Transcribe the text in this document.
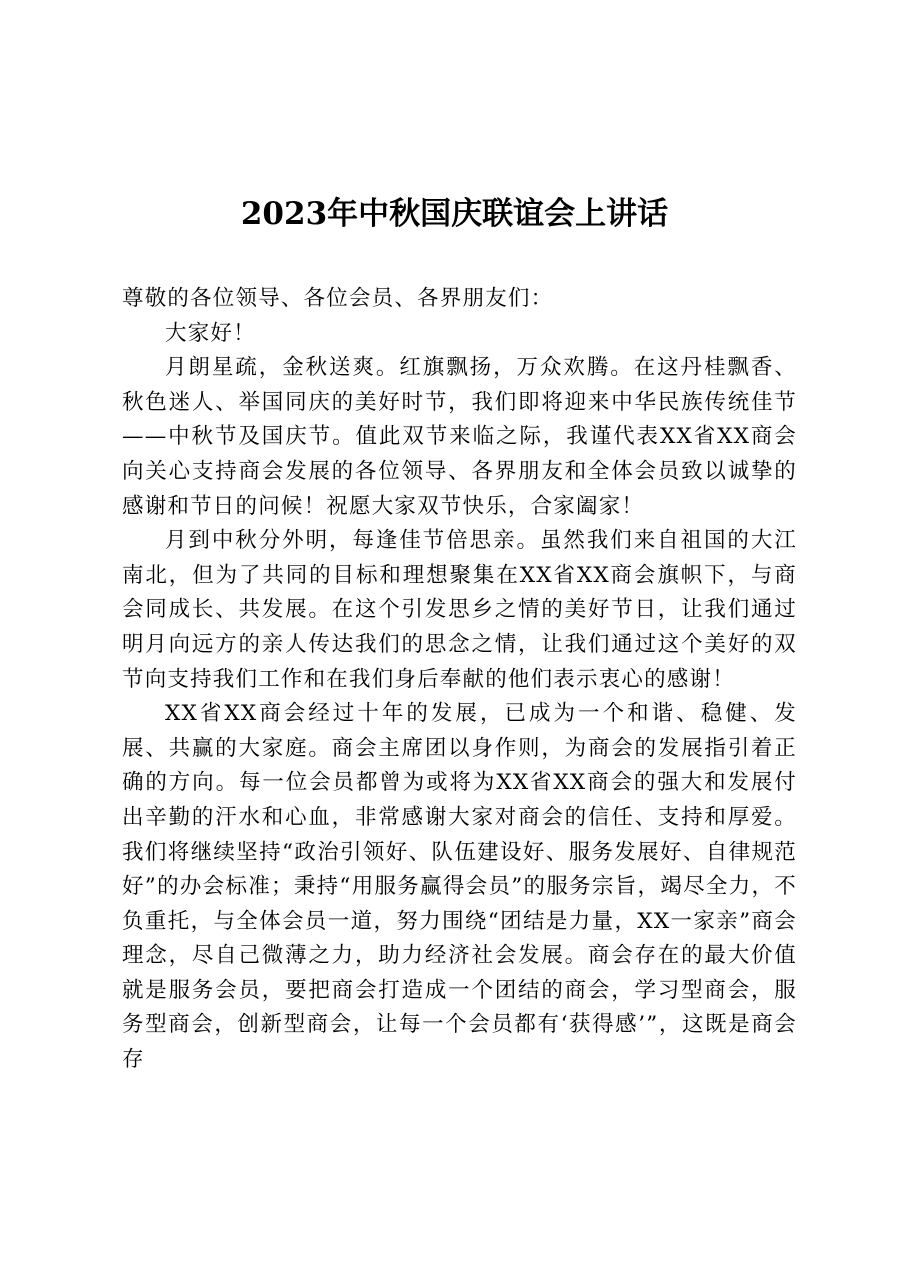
2023年中秋国庆联谊会上讲话

尊敬的各位领导、各位会员、各界朋友们：

大家好！

月朗星疏，金秋送爽。红旗飘扬，万众欢腾。在这丹桂飘香、秋色迷人、举国同庆的美好时节，我们即将迎来中华民族传统佳节——中秋节及国庆节。值此双节来临之际，我谨代表XX省XX商会向关心支持商会发展的各位领导、各界朋友和全体会员致以诚挚的感谢和节日的问候！祝愿大家双节快乐，合家阖家！

月到中秋分外明，每逢佳节倍思亲。虽然我们来自祖国的大江南北，但为了共同的目标和理想聚集在XX省XX商会旗帜下，与商会同成长、共发展。在这个引发思乡之情的美好节日，让我们通过明月向远方的亲人传达我们的思念之情，让我们通过这个美好的双节向支持我们工作和在我们身后奉献的他们表示衷心的感谢！

XX省XX商会经过十年的发展，已成为一个和谐、稳健、发展、共赢的大家庭。商会主席团以身作则，为商会的发展指引着正确的方向。每一位会员都曾为或将为XX省XX商会的强大和发展付出辛勤的汗水和心血，非常感谢大家对商会的信任、支持和厚爱。我们将继续坚持“政治引领好、队伍建设好、服务发展好、自律规范好”的办会标准；秉持“用服务赢得会员”的服务宗旨，竭尽全力，不负重托，与全体会员一道，努力围绕“团结是力量，XX一家亲”商会理念，尽自己微薄之力，助力经济社会发展。商会存在的最大价值就是服务会员，要把商会打造成一个团结的商会，学习型商会，服务型商会，创新型商会，让每一个会员都有‘获得感’”，这既是商会存
